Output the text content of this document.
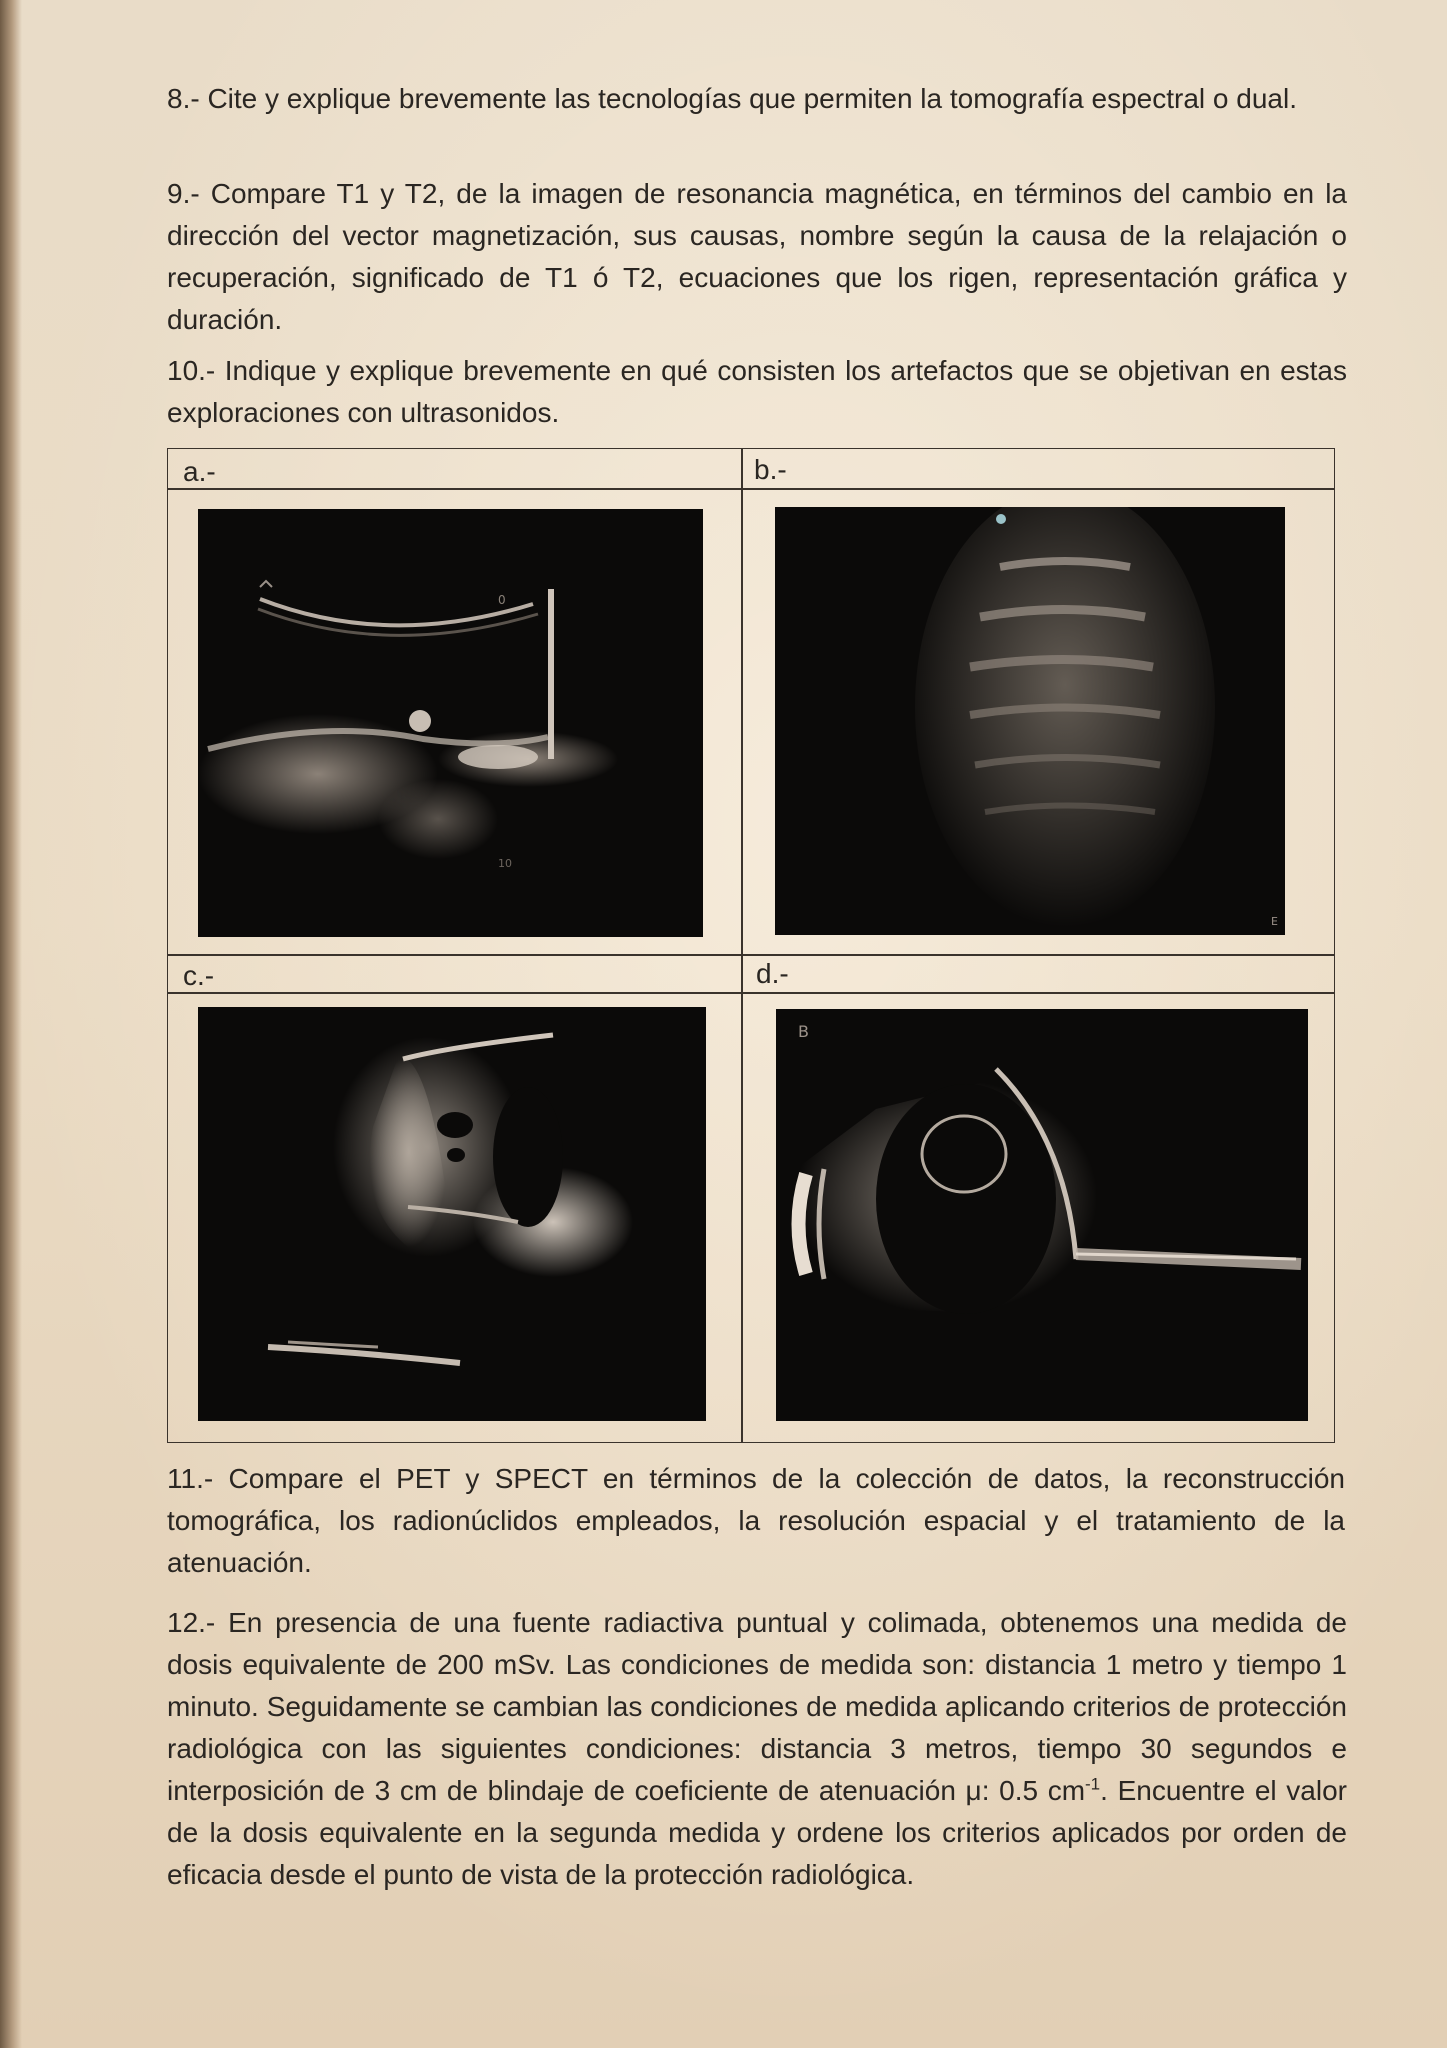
8.- Cite y explique brevemente las tecnologías que permiten la tomografía espectral o dual.

9.- Compare T1 y T2, de la imagen de resonancia magnética, en términos del cambio en la dirección del vector magnetización, sus causas, nombre según la causa de la relajación o recuperación, significado de T1 ó T2, ecuaciones que los rigen, representación gráfica y duración.

10.- Indique y explique brevemente en qué consisten los artefactos que se objetivan en estas exploraciones con ultrasonidos.

a.-	b.-
c.-	d.-
0
10
E
B

11.- Compare el PET y SPECT en términos de la colección de datos, la reconstrucción tomográfica, los radionúclidos empleados, la resolución espacial y el tratamiento de la atenuación.

12.- En presencia de una fuente radiactiva puntual y colimada, obtenemos una medida de dosis equivalente de 200 mSv. Las condiciones de medida son: distancia 1 metro y tiempo 1 minuto. Seguidamente se cambian las condiciones de medida aplicando criterios de protección radiológica con las siguientes condiciones: distancia 3 metros, tiempo 30 segundos e interposición de 3 cm de blindaje de coeficiente de atenuación μ: 0.5 $cm^{-1}$. Encuentre el valor de la dosis equivalente en la segunda medida y ordene los criterios aplicados por orden de eficacia desde el punto de vista de la protección radiológica.
